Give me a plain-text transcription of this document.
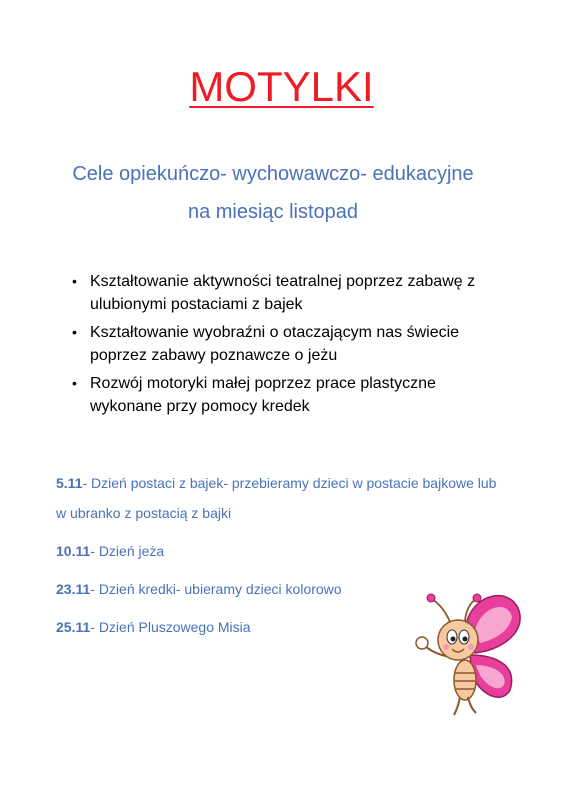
MOTYLKI

Cele opiekuńczo- wychowawczo- edukacyjne

na miesiąc listopad

• Kształtowanie aktywności teatralnej poprzez zabawę z
ulubionymi postaciami z bajek
• Kształtowanie wyobraźni o otaczającym nas świecie
poprzez zabawy poznawcze o jeżu
• Rozwój motoryki małej poprzez prace plastyczne
wykonane przy pomocy kredek
5.11- Dzień postaci z bajek- przebieramy dzieci w postacie bajkowe lub
w ubranko z postacią z bajki
10.11- Dzień jeża
23.11- Dzień kredki- ubieramy dzieci kolorowo
25.11- Dzień Pluszowego Misia
